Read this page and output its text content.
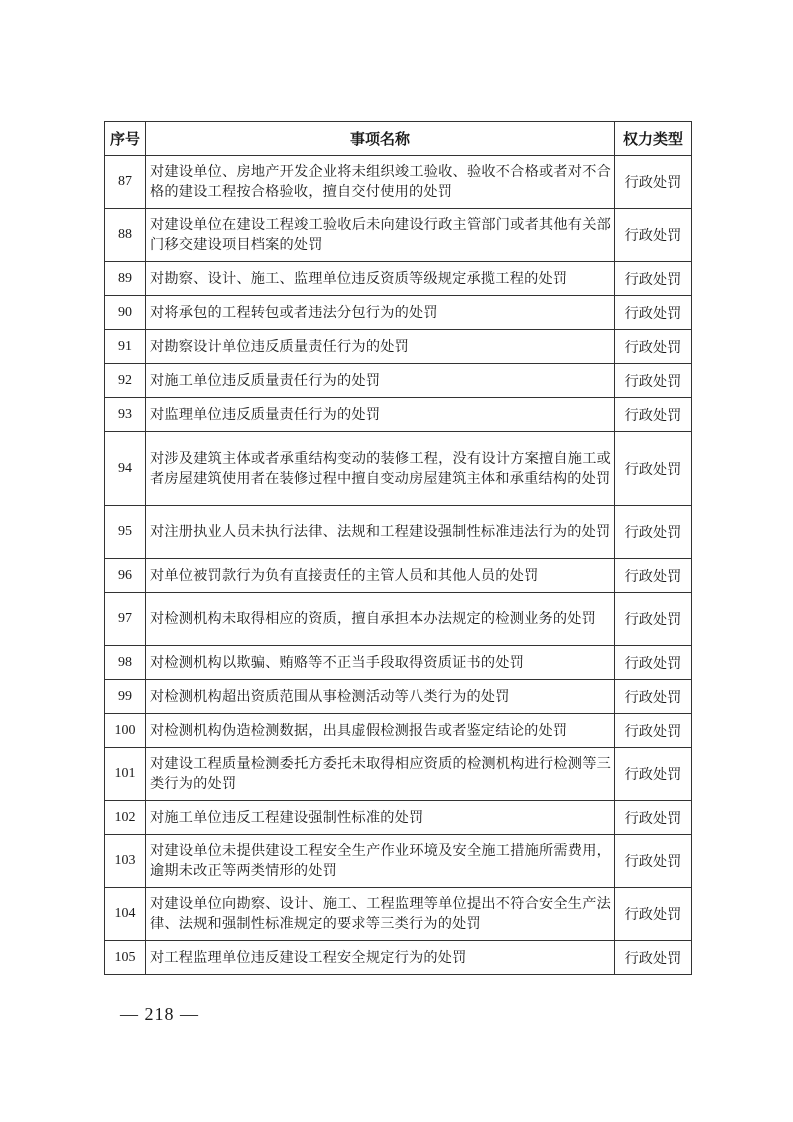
序号	事项名称	权力类型
87	对建设单位、房地产开发企业将未组织竣工验收、验收不合格或者对不合格的建设工程按合格验收，擅自交付使用的处罚	行政处罚
88	对建设单位在建设工程竣工验收后未向建设行政主管部门或者其他有关部门移交建设项目档案的处罚	行政处罚
89	对勘察、设计、施工、监理单位违反资质等级规定承揽工程的处罚	行政处罚
90	对将承包的工程转包或者违法分包行为的处罚	行政处罚
91	对勘察设计单位违反质量责任行为的处罚	行政处罚
92	对施工单位违反质量责任行为的处罚	行政处罚
93	对监理单位违反质量责任行为的处罚	行政处罚
94	对涉及建筑主体或者承重结构变动的装修工程，没有设计方案擅自施工或者房屋建筑使用者在装修过程中擅自变动房屋建筑主体和承重结构的处罚	行政处罚
95	对注册执业人员未执行法律、法规和工程建设强制性标准违法行为的处罚	行政处罚
96	对单位被罚款行为负有直接责任的主管人员和其他人员的处罚	行政处罚
97	对检测机构未取得相应的资质，擅自承担本办法规定的检测业务的处罚	行政处罚
98	对检测机构以欺骗、贿赂等不正当手段取得资质证书的处罚	行政处罚
99	对检测机构超出资质范围从事检测活动等八类行为的处罚	行政处罚
100	对检测机构伪造检测数据，出具虚假检测报告或者鉴定结论的处罚	行政处罚
101	对建设工程质量检测委托方委托未取得相应资质的检测机构进行检测等三类行为的处罚	行政处罚
102	对施工单位违反工程建设强制性标准的处罚	行政处罚
103	对建设单位未提供建设工程安全生产作业环境及安全施工措施所需费用，逾期未改正等两类情形的处罚	行政处罚
104	对建设单位向勘察、设计、施工、工程监理等单位提出不符合安全生产法律、法规和强制性标准规定的要求等三类行为的处罚	行政处罚
105	对工程监理单位违反建设工程安全规定行为的处罚	行政处罚
— 218 —
